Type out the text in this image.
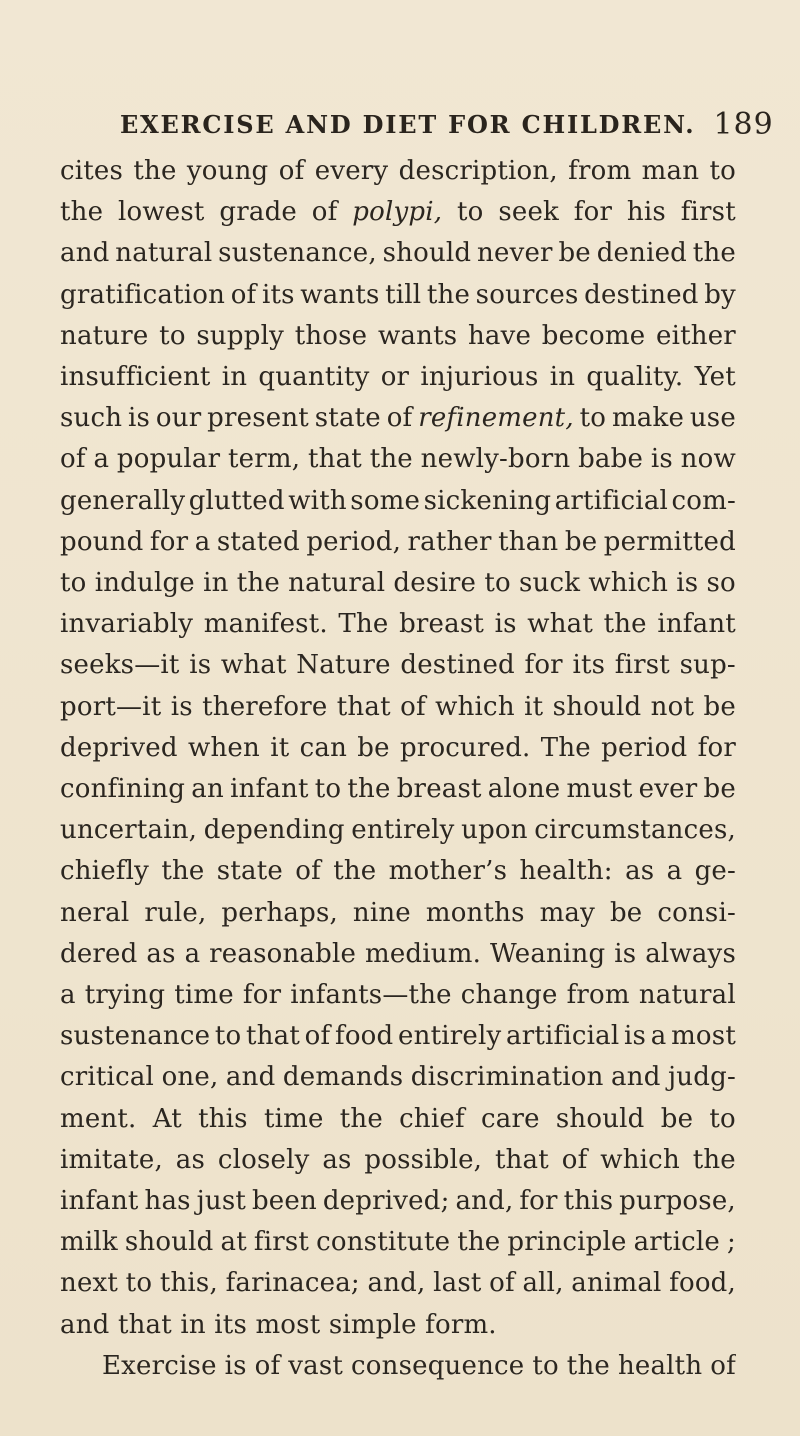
EXERCISE AND DIET FOR CHILDREN. 189
cites the young of every description, from man to
the lowest grade of polypi, to seek for his first
and natural sustenance, should never be denied the
gratification of its wants till the sources destined by
nature to supply those wants have become either
insufficient in quantity or injurious in quality. Yet
such is our present state of refinement, to make use
of a popular term, that the newly-born babe is now
generally glutted with some sickening artificial com-
pound for a stated period, rather than be permitted
to indulge in the natural desire to suck which is so
invariably manifest. The breast is what the infant
seeks—it is what Nature destined for its first sup-
port—it is therefore that of which it should not be
deprived when it can be procured. The period for
confining an infant to the breast alone must ever be
uncertain, depending entirely upon circumstances,
chiefly the state of the mother’s health: as a ge-
neral rule, perhaps, nine months may be consi-
dered as a reasonable medium. Weaning is always
a trying time for infants—the change from natural
sustenance to that of food entirely artificial is a most
critical one, and demands discrimination and judg-
ment. At this time the chief care should be to
imitate, as closely as possible, that of which the
infant has just been deprived; and, for this purpose,
milk should at first constitute the principle article ;
next to this, farinacea; and, last of all, animal food,
and that in its most simple form.
Exercise is of vast consequence to the health of
